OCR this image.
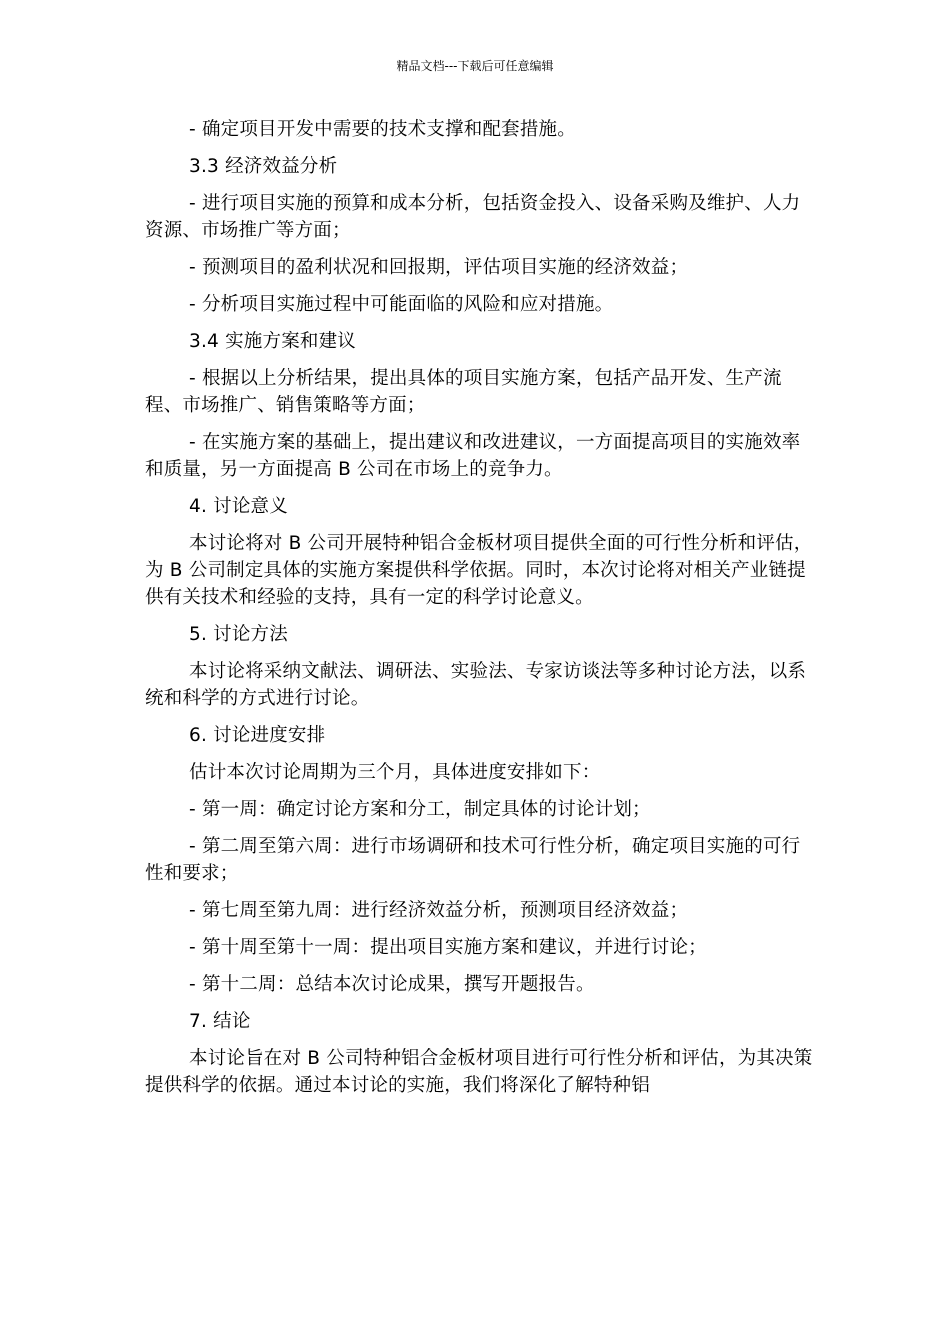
精品文档---下载后可任意编辑

- 确定项目开发中需要的技术支撑和配套措施。

3.3 经济效益分析

- 进行项目实施的预算和成本分析，包括资金投入、设备采购及维护、人力资源、市场推广等方面；

- 预测项目的盈利状况和回报期，评估项目实施的经济效益；

- 分析项目实施过程中可能面临的风险和应对措施。

3.4 实施方案和建议

- 根据以上分析结果，提出具体的项目实施方案，包括产品开发、生产流程、市场推广、销售策略等方面；

- 在实施方案的基础上，提出建议和改进建议，一方面提高项目的实施效率和质量，另一方面提高 B 公司在市场上的竞争力。

4. 讨论意义

本讨论将对 B 公司开展特种铝合金板材项目提供全面的可行性分析和评估，为 B 公司制定具体的实施方案提供科学依据。同时，本次讨论将对相关产业链提供有关技术和经验的支持，具有一定的科学讨论意义。

5. 讨论方法

本讨论将采纳文献法、调研法、实验法、专家访谈法等多种讨论方法，以系统和科学的方式进行讨论。

6. 讨论进度安排

估计本次讨论周期为三个月，具体进度安排如下：

- 第一周：确定讨论方案和分工，制定具体的讨论计划；

- 第二周至第六周：进行市场调研和技术可行性分析，确定项目实施的可行性和要求；

- 第七周至第九周：进行经济效益分析，预测项目经济效益；

- 第十周至第十一周：提出项目实施方案和建议，并进行讨论；

- 第十二周：总结本次讨论成果，撰写开题报告。

7. 结论

本讨论旨在对 B 公司特种铝合金板材项目进行可行性分析和评估，为其决策提供科学的依据。通过本讨论的实施，我们将深化了解特种铝
